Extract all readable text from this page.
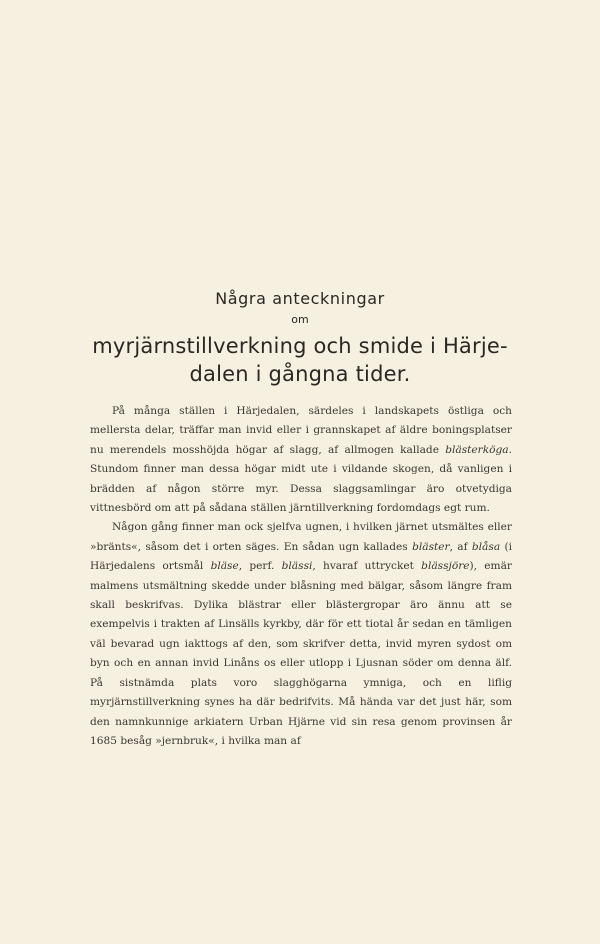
Några anteckningar
om
myrjärnstillverkning och smide i Härje-
dalen i gångna tider.

På många ställen i Härjedalen, särdeles i landskapets östliga och mellersta delar, träffar man invid eller i grannskapet af äldre boningsplatser nu merendels mosshöjda högar af slagg, af allmogen kallade blästerköga. Stundom finner man dessa högar midt ute i vildande skogen, då vanligen i brädden af någon större myr. Dessa slaggsamlingar äro otvetydiga vittnesbörd om att på sådana ställen järntillverkning fordomdags egt rum.

Någon gång finner man ock sjelfva ugnen, i hvilken järnet utsmältes eller »bränts«, såsom det i orten säges. En sådan ugn kallades bläster, af blåsa (i Härjedalens ortsmål bläse, perf. blässi, hvaraf uttrycket blässjöre), emär malmens utsmältning skedde under blåsning med bälgar, såsom längre fram skall beskrifvas. Dylika blästrar eller blästergropar äro ännu att se exempelvis i trakten af Linsälls kyrkby, där för ett tiotal år sedan en tämligen väl bevarad ugn iakttogs af den, som skrifver detta, invid myren sydost om byn och en annan invid Linåns os eller utlopp i Ljusnan söder om denna älf. På sistnämda plats voro slagghögarna ymniga, och en liflig myrjärnstillverkning synes ha där bedrifvits. Må hända var det just här, som den namnkunnige arkiatern Urban Hjärne vid sin resa genom provinsen år 1685 besåg »jernbruk«, i hvilka man af
